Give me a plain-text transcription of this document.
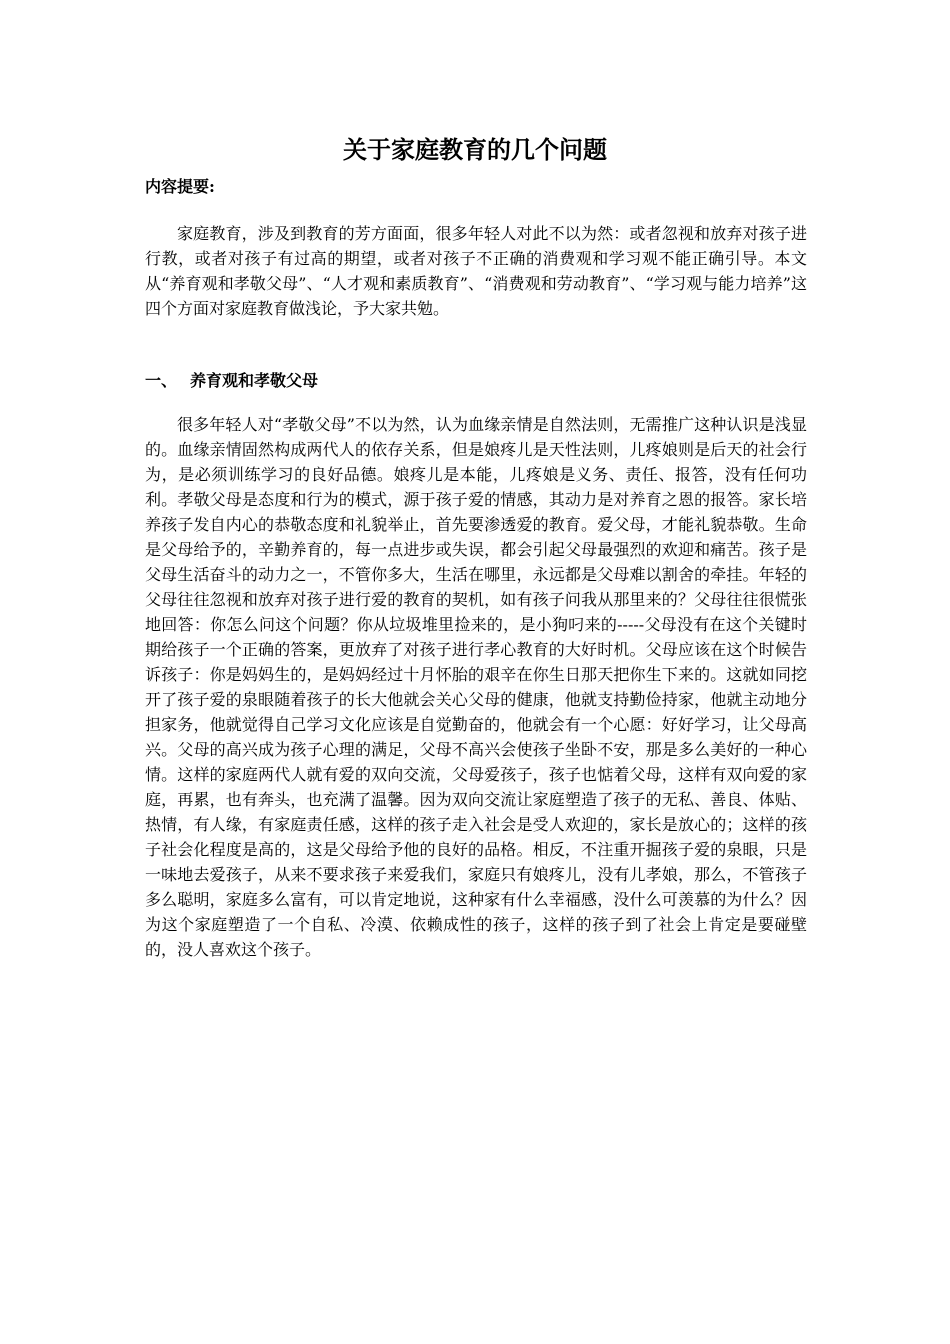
关于家庭教育的几个问题
内容提要:

家庭教育，涉及到教育的芳方面面，很多年轻人对此不以为然：或者忽视和放弃对孩子进行教，或者对孩子有过高的期望，或者对孩子不正确的消费观和学习观不能正确引导。本文从“养育观和孝敬父母”、“人才观和素质教育”、“消费观和劳动教育”、“学习观与能力培养”这四个方面对家庭教育做浅论，予大家共勉。

一、 养育观和孝敬父母

很多年轻人对“孝敬父母”不以为然，认为血缘亲情是自然法则，无需推广这种认识是浅显的。血缘亲情固然构成两代人的依存关系，但是娘疼儿是天性法则，儿疼娘则是后天的社会行为，是必须训练学习的良好品德。娘疼儿是本能，儿疼娘是义务、责任、报答，没有任何功利。孝敬父母是态度和行为的模式，源于孩子爱的情感，其动力是对养育之恩的报答。家长培养孩子发自内心的恭敬态度和礼貌举止，首先要渗透爱的教育。爱父母，才能礼貌恭敬。生命是父母给予的，辛勤养育的，每一点进步或失误，都会引起父母最强烈的欢迎和痛苦。孩子是父母生活奋斗的动力之一，不管你多大，生活在哪里，永远都是父母难以割舍的牵挂。年轻的父母往往忽视和放弃对孩子进行爱的教育的契机，如有孩子问我从那里来的？父母往往很慌张地回答：你怎么问这个问题？你从垃圾堆里捡来的，是小狗叼来的-----父母没有在这个关键时期给孩子一个正确的答案，更放弃了对孩子进行孝心教育的大好时机。父母应该在这个时候告诉孩子：你是妈妈生的，是妈妈经过十月怀胎的艰辛在你生日那天把你生下来的。这就如同挖开了孩子爱的泉眼随着孩子的长大他就会关心父母的健康，他就支持勤俭持家，他就主动地分担家务，他就觉得自己学习文化应该是自觉勤奋的，他就会有一个心愿：好好学习，让父母高兴。父母的高兴成为孩子心理的满足，父母不高兴会使孩子坐卧不安，那是多么美好的一种心情。这样的家庭两代人就有爱的双向交流，父母爱孩子，孩子也惦着父母，这样有双向爱的家庭，再累，也有奔头，也充满了温馨。因为双向交流让家庭塑造了孩子的无私、善良、体贴、热情，有人缘，有家庭责任感，这样的孩子走入社会是受人欢迎的，家长是放心的；这样的孩子社会化程度是高的，这是父母给予他的良好的品格。相反，不注重开掘孩子爱的泉眼，只是一味地去爱孩子，从来不要求孩子来爱我们，家庭只有娘疼儿，没有儿孝娘，那么，不管孩子多么聪明，家庭多么富有，可以肯定地说，这种家有什么幸福感，没什么可羡慕的为什么？因为这个家庭塑造了一个自私、冷漠、依赖成性的孩子，这样的孩子到了社会上肯定是要碰壁的，没人喜欢这个孩子。
